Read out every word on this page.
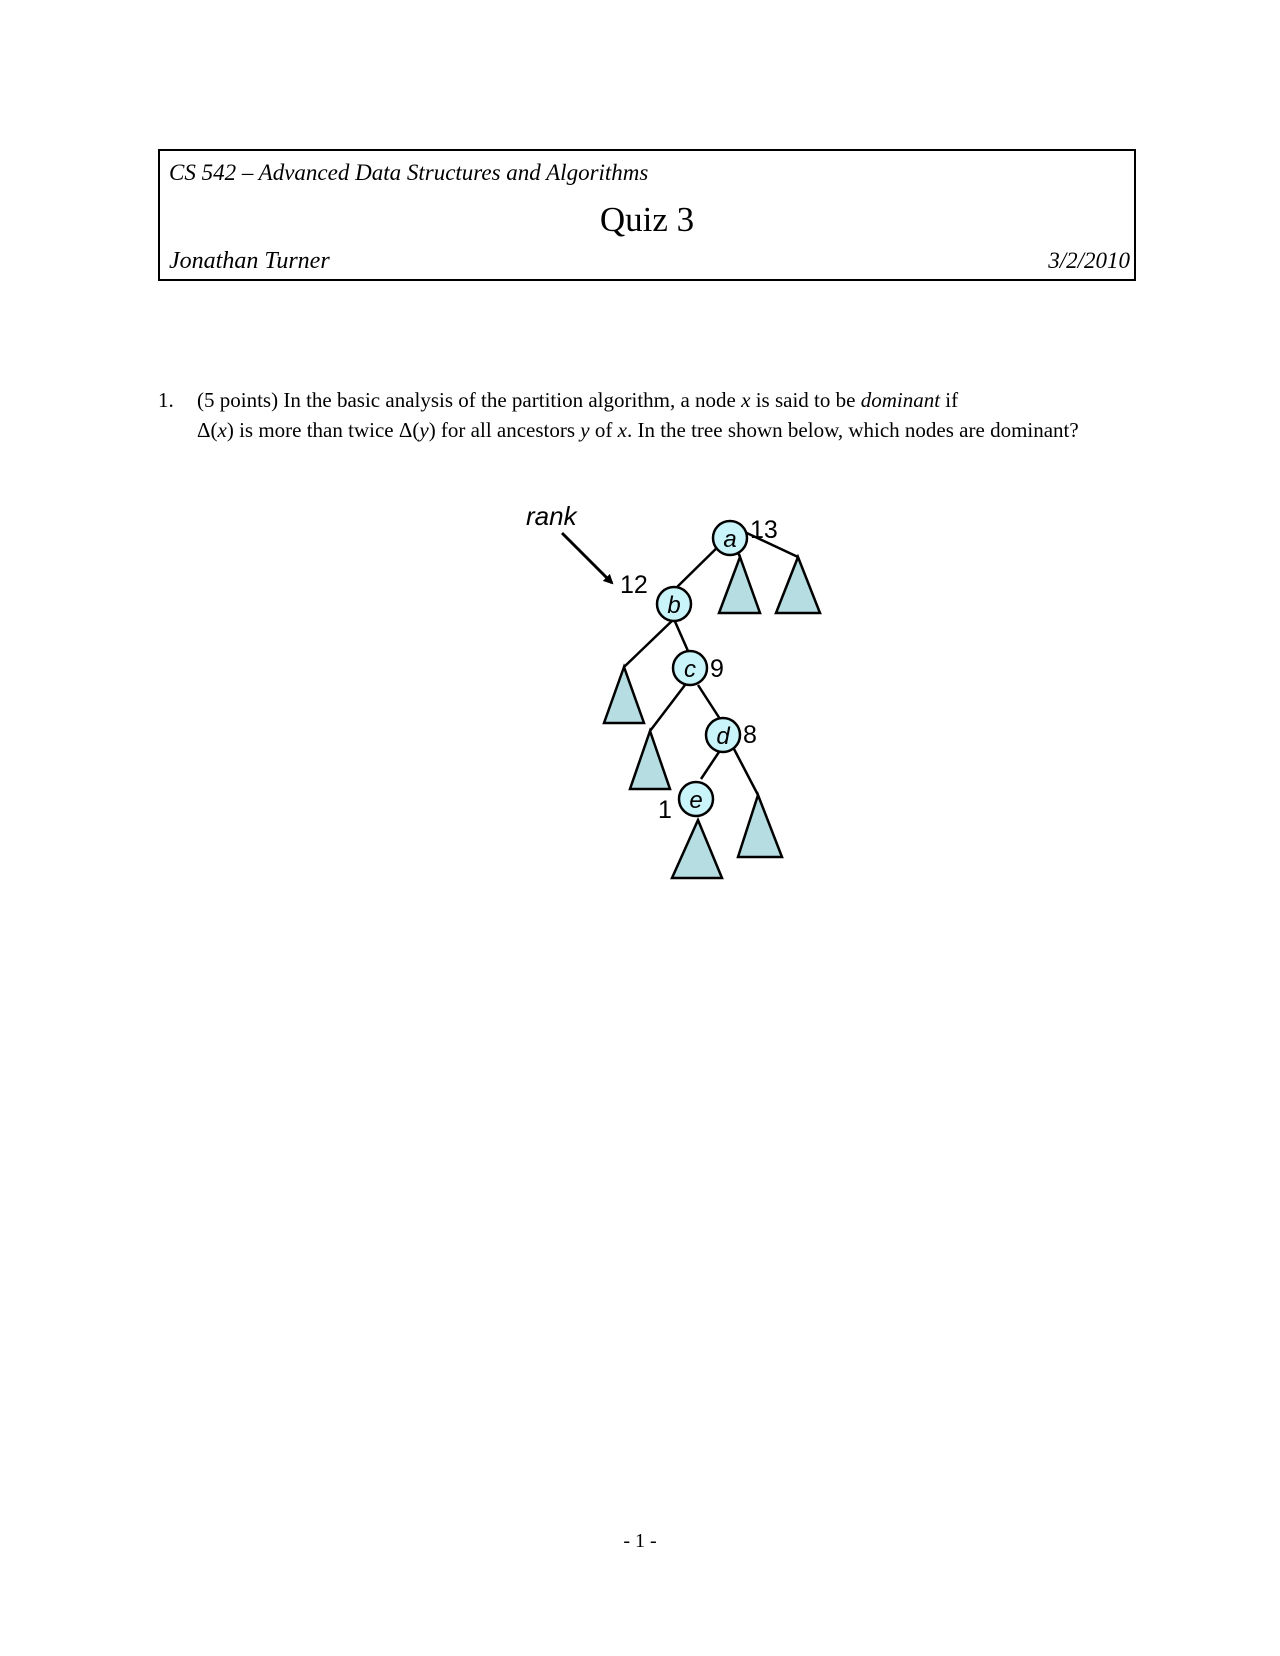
CS 542 – Advanced Data Structures and Algorithms
Quiz 3
Jonathan Turner	3/2/2010
1. (5 points) In the basic analysis of the partition algorithm, a node x is said to be dominant if
Δ(x) is more than twice Δ(y) for all ancestors y of x. In the tree shown below, which nodes are dominant?
rank
a 13
b
12
c 9
d 8
e
1
- 1 -
